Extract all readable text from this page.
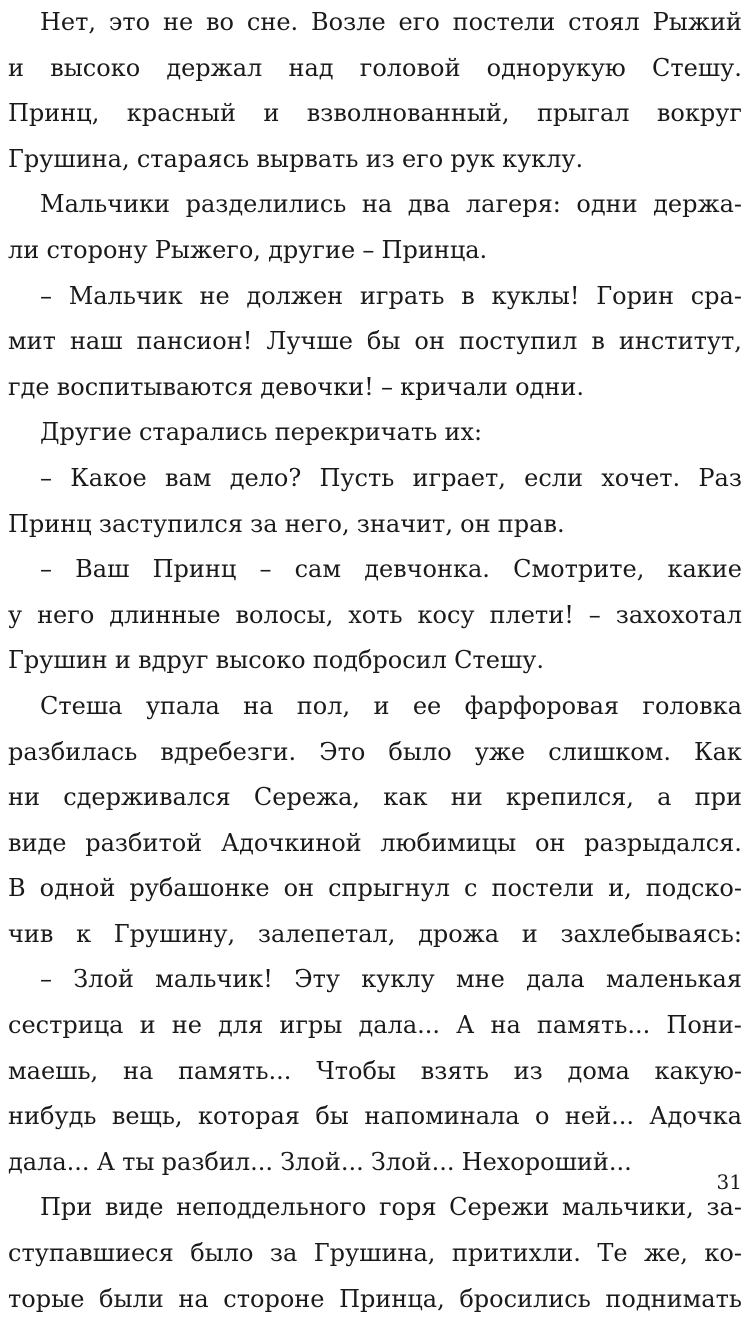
Нет, это не во сне. Возле его постели стоял Рыжий
и высоко держал над головой однорукую Стешу.
Принц, красный и взволнованный, прыгал вокруг
Грушина, стараясь вырвать из его рук куклу.
Мальчики разделились на два лагеря: одни держа-
ли сторону Рыжего, другие – Принца.
– Мальчик не должен играть в куклы! Горин сра-
мит наш пансион! Лучше бы он поступил в институт,
где воспитываются девочки! – кричали одни.
Другие старались перекричать их:
– Какое вам дело? Пусть играет, если хочет. Раз
Принц заступился за него, значит, он прав.
– Ваш Принц – сам девчонка. Смотрите, какие
у него длинные волосы, хоть косу плети! – захохотал
Грушин и вдруг высоко подбросил Стешу.
Стеша упала на пол, и ее фарфоровая головка
разбилась вдребезги. Это было уже слишком. Как
ни сдерживался Сережа, как ни крепился, а при
виде разбитой Адочкиной любимицы он разрыдался.
В одной рубашонке он спрыгнул с постели и, подско-
чив к Грушину, залепетал, дрожа и захлебываясь:
– Злой мальчик! Эту куклу мне дала маленькая
сестрица и не для игры дала... А на память... Пони-
маешь, на память... Чтобы взять из дома какую-
нибудь вещь, которая бы напоминала о ней... Адочка
дала... А ты разбил... Злой... Злой... Нехороший...
При виде неподдельного горя Сережи мальчики, за-
ступавшиеся было за Грушина, притихли. Те же, ко-
торые были на стороне Принца, бросились поднимать
31
